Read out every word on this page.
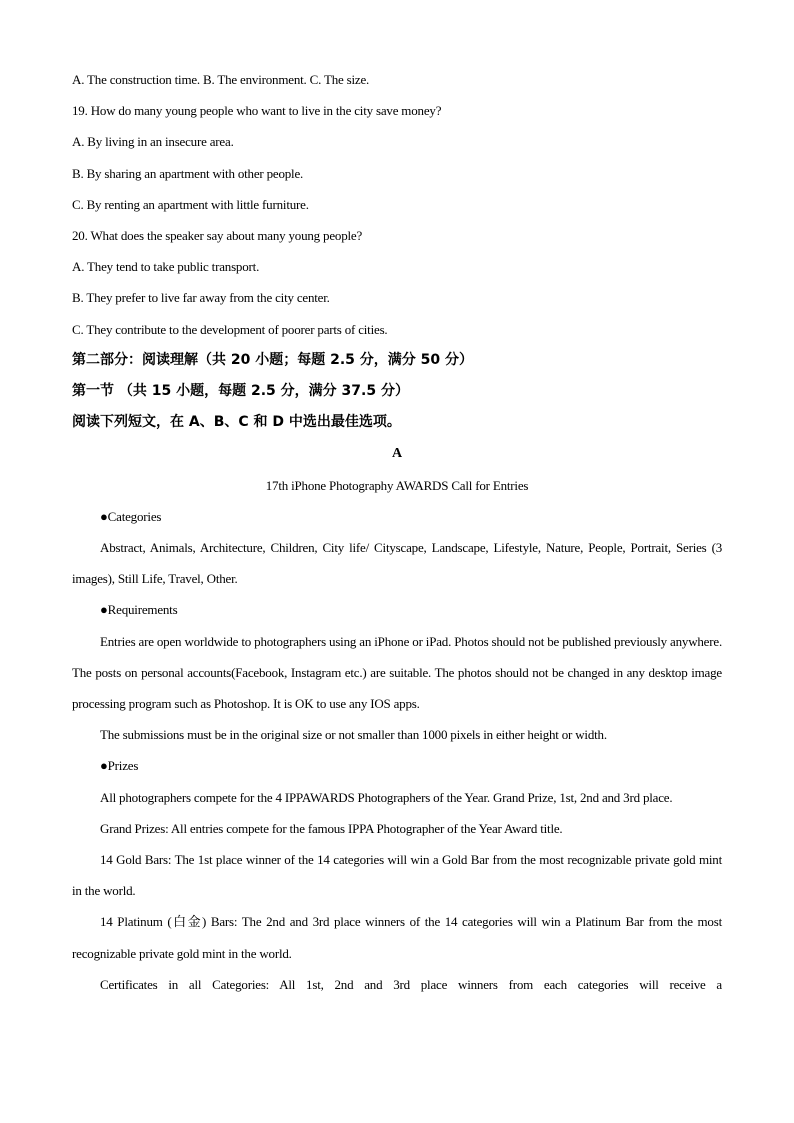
A. The construction time. B. The environment. C. The size.
19. How do many young people who want to live in the city save money?
A. By living in an insecure area.
B. By sharing an apartment with other people.
C. By renting an apartment with little furniture.
20. What does the speaker say about many young people?
A. They tend to take public transport.
B. They prefer to live far away from the city center.
C. They contribute to the development of poorer parts of cities.
第二部分：阅读理解（共 20 小题；每题 2.5 分，满分 50 分）
第一节 （共 15 小题，每题 2.5 分，满分 37.5 分）
阅读下列短文，在 A、B、C 和 D 中选出最佳选项。
A
17th iPhone Photography AWARDS Call for Entries
●Categories
Abstract, Animals, Architecture, Children, City life/ Cityscape, Landscape, Lifestyle, Nature, People, Portrait, Series (3 images), Still Life, Travel, Other.
●Requirements
Entries are open worldwide to photographers using an iPhone or iPad. Photos should not be published previously anywhere. The posts on personal accounts(Facebook, Instagram etc.) are suitable. The photos should not be changed in any desktop image processing program such as Photoshop. It is OK to use any IOS apps.
The submissions must be in the original size or not smaller than 1000 pixels in either height or width.
●Prizes
All photographers compete for the 4 IPPAWARDS Photographers of the Year. Grand Prize, 1st, 2nd and 3rd place.
Grand Prizes: All entries compete for the famous IPPA Photographer of the Year Award title.
14 Gold Bars: The 1st place winner of the 14 categories will win a Gold Bar from the most recognizable private gold mint in the world.
14 Platinum (白金) Bars: The 2nd and 3rd place winners of the 14 categories will win a Platinum Bar from the most recognizable private gold mint in the world.
Certificates in all Categories: All 1st, 2nd and 3rd place winners from each categories will receive a
